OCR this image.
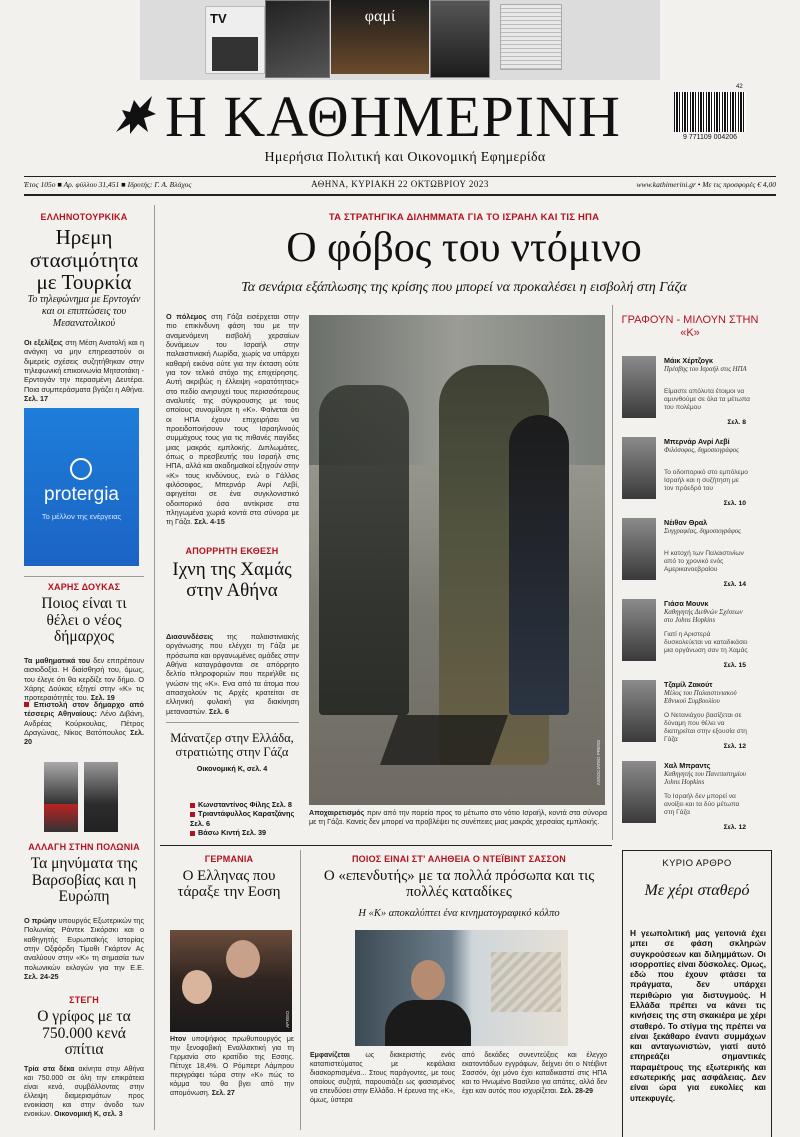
TV	φαμί
Η ΚΑΘΗΜΕΡΙΝΗ
Ημερήσια Πολιτική και Οικονομική Εφημερίδα
42
9 771109 004206
Έτος 105ο ■ Αρ. φύλλου 31,451 ■ Ιδρυτής: Γ. Α. Βλάχος	ΑΘΗΝΑ, ΚΥΡΙΑΚΗ 22 ΟΚΤΩΒΡΙΟΥ 2023	www.kathimerini.gr • Με τις προσφορές € 4,00
ΕΛΛΗΝΟΤΟΥΡΚΙΚΑ
Ηρεμη στασιμότητα με Τουρκία
Το τηλεφώνημα με Ερντογάν και οι επιπτώσεις του Μεσανατολικού
Οι εξελίξεις στη Μέση Ανατολή και η ανάγκη να μην επηρεαστούν οι διμερείς σχέσεις συζητήθηκαν στην τηλεφωνική επικοινωνία Μητσοτάκη - Ερντογάν την περασμένη Δευτέρα. Ποια συμπεράσματα βγάζει η Αθήνα. Σελ. 17
protergia
Το μέλλον της ενέργειας
ΧΑΡΗΣ ΔΟΥΚΑΣ
Ποιος είναι τι θέλει ο νέος δήμαρχος
Τα μαθηματικά του δεν επιτρέπουν αισιοδοξία. Η διαίσθησή του, όμως, του έλεγε ότι θα κερδίζε τον δήμο. Ο Χάρης Δούκας εξηγεί στην «Κ» τις προτεραιότητές του. Σελ. 19
Επιστολή στον δήμαρχο από τέσσερις Αθηναίους: Λένο Διβάνη, Ανδρέας Κούρκουλας, Πέτρος Δραγώνας, Νίκος Βατόπουλος Σελ. 20
ΑΛΛΑΓΗ ΣΤΗΝ ΠΟΛΩΝΙΑ
Τα μηνύματα της Βαρσοβίας και η Ευρώπη
Ο πρώην υπουργός Εξωτερικών της Πολωνίας Ράντεκ Σικόρσκι και ο καθηγητής Ευρωπαϊκής Ιστορίας στην Οξφόρδη Τίμοθι Γκάρτον Ας αναλύουν στην «Κ» τη σημασία των πολωνικών εκλογών για την Ε.Ε. Σελ. 24-25
ΣΤΕΓΗ
Ο γρίφος με τα 750.000 κενά σπίτια
Τρία στα δέκα ακίνητα στην Αθήνα και 750.000 σε όλη την επικράτεια είναι κενά, συμβάλλοντας στην έλλειψη διαμερισμάτων προς ενοικίαση και στην άνοδο των ενοικίων. Οικονομική Κ, σελ. 3
ΤΑ ΣΤΡΑΤΗΓΙΚΑ ΔΙΛΗΜΜΑΤΑ ΓΙΑ ΤΟ ΙΣΡΑΗΛ ΚΑΙ ΤΙΣ ΗΠΑ
Ο φόβος του ντόμινο
Τα σενάρια εξάπλωσης της κρίσης που μπορεί να προκαλέσει η εισβολή στη Γάζα
Ο πόλεμος στη Γάζα εισέρχεται στην πιο επικίνδυνη φάση του με την αναμενόμενη εισβολή χερσαίων δυνάμεων του Ισραήλ στην παλαιστινιακή Λωρίδα, χωρίς να υπάρχει καθαρή εικόνα ούτε για την έκταση ούτε για τον τελικό στόχο της επιχείρησης. Αυτή ακριβώς η έλλειψη «ορατότητας» στο πεδίο ανησυχεί τους περισσότερους αναλυτές της σύγκρουσης με τους οποίους συνομίλησε η «Κ». Φαίνεται ότι οι ΗΠΑ έχουν επιχειρήσει να προειδοποιήσουν τους Ισραηλινούς συμμάχους τους για τις πιθανές παγίδες μιας μακράς εμπλοκής. Διπλωμάτες, όπως ο πρεσβευτής του Ισραήλ στις ΗΠΑ, αλλά και ακαδημαϊκοί εξηγούν στην «Κ» τους κινδύνους, ενώ ο Γάλλος φιλόσοφος, Μπερνάρ Ανρί Λεβί, αφηγείται σε ένα συγκλονιστικό οδοιπορικό όσα αντίκρισε στα πληγωμένα χωριά κοντά στα σύνορα με τη Γάζα. Σελ. 4-15
ASSOCIATED PRESS
Αποχαιρετισμός πριν από την πορεία προς το μέτωπο στο νότιο Ισραήλ, κοντά στα σύνορα με τη Γάζα. Κανείς δεν μπορεί να προβλέψει τις συνέπειες μιας μακράς χερσαίας εμπλοκής.
ΑΠΟΡΡΗΤΗ ΕΚΘΕΣΗ
Ιχνη της Χαμάς στην Αθήνα
Διασυνδέσεις της παλαιστινιακής οργάνωσης που ελέγχει τη Γάζα με πρόσωπα και οργανωμένες ομάδες στην Αθήνα καταγράφονται σε απόρρητο δελτίο πληροφοριών που περιήλθε εις γνώσιν της «Κ». Ενα από τα άτομα που απασχολούν τις Αρχές κρατείται σε ελληνική φυλακή για διακίνηση μεταναστών. Σελ. 6
Μάνατζερ στην Ελλάδα, στρατιώτης στην Γάζα
Οικονομική Κ, σελ. 4
Κωνσταντίνος Φίλης Σελ. 8
Τριαντάφυλλος Καρατζάνης Σελ. 6
Βάσω Κιντή Σελ. 39
ΓΡΑΦΟΥΝ - ΜΙΛΟΥΝ ΣΤΗΝ «Κ»
Μάικ Χέρτζογκ
Πρέσβης του Ισραήλ στις ΗΠΑ
Είμαστε απόλυτα έτοιμοι να αμυνθούμε σε όλα τα μέτωπα του πολέμου
Σελ. 8
Μπερνάρ Ανρί Λεβί
Φιλόσοφος, δημοσιογράφος
Το οδοιπορικό στο εμπόλεμο Ισραήλ και η συζήτηση με τον πρόεδρό του
Σελ. 10
Νέιθαν Θραλ
Συγγραφέας, δημοσιογράφος
Η κατοχή των Παλαιστινίων από το χρονικό ενός Αμερικανοεβραίου
Σελ. 14
Γιάσα Μουνκ
Καθηγητής Διεθνών Σχέσεων στο Johns Hopkins
Γιατί η Αριστερά δυσκολεύεται να καταδικάσει μια οργάνωση σαν τη Χαμάς
Σελ. 15
Τζαμίλ Ζακούτ
Μέλος του Παλαιστινιακού Εθνικού Συμβουλίου
Ο Νετανιάχου βασίζεται σε δύναμη που θέλει να διατηρείται στην εξουσία στη Γάζα
Σελ. 12
Χαλ Μπραντς
Καθηγητής του Πανεπιστημίου Johns Hopkins
Το Ισραήλ δεν μπορεί να ανοίξει και τα δύο μέτωπα στη Γάζα
Σελ. 12
ΓΕΡΜΑΝΙΑ
Ο Ελληνας που τάραξε την Εοση
ΑΡΧΕΙΟ
Ητον υποψήφιος πρωθυπουργός με την ξενοφοβική Εναλλακτική για τη Γερμανία στο κρατίδιο της Εσσης. Πέτυχε 18,4%. Ο Ρόμπερτ Λάμπρου περιγράφει τώρα στην «Κ» πώς το κόμμα του θα βγει από την απομόνωση. Σελ. 27
ΠΟΙΟΣ ΕΙΝΑΙ ΣΤ' ΑΛΗΘΕΙΑ Ο ΝΤΕΪΒΙΝΤ ΣΑΣΣΟΝ
Ο «επενδυτής» με τα πολλά πρόσωπα και τις πολλές καταδίκες
Η «Κ» αποκαλύπτει ένα κινηματογραφικό κόλπο
Εμφανίζεται ως διακεριστής ενός καταπιστεύματος με κεφάλαια διασκορπισμένα... Στους παράγοντες, με τους οποίους συζητά, παρουσιάζει ως φασισμένος να επενδύσει στην Ελλάδα. Η έρευνα της «Κ», όμως, ύστερα
από δεκάδες συνεντεύξεις και έλεγχο εκατοντάδων εγγράφων, δείχνει ότι ο Ντέιβιντ Σασσόν, όχι μόνο έχει καταδικαστεί στις ΗΠΑ και το Ηνωμένο Βασίλειο για απάτες, αλλά δεν έχει καν αυτός που ισχυρίζεται. Σελ. 28-29
ΚΥΡΙΟ ΑΡΘΡΟ
Με χέρι σταθερό
Η γεωπολιτική μας γειτονιά έχει μπει σε φάση σκληρών συγκρούσεων και διλημμάτων. Οι ισορροπίες είναι δύσκολες. Ομως, εδώ που έχουν φτάσει τα πράγματα, δεν υπάρχει περιθώριο για διστυγμούς. Η Ελλάδα πρέπει να κάνει τις κινήσεις της στη σκακιέρα με χέρι σταθερό. Το στίγμα της πρέπει να είναι ξεκάθαρο έναντι συμμάχων και ανταγωνιστών, γιατί αυτό επηρεάζει σημαντικές παραμέτρους της εξωτερικής και εσωτερικής μας ασφάλειας. Δεν είναι ώρα για ευκολίες και υπεκφυγές.
